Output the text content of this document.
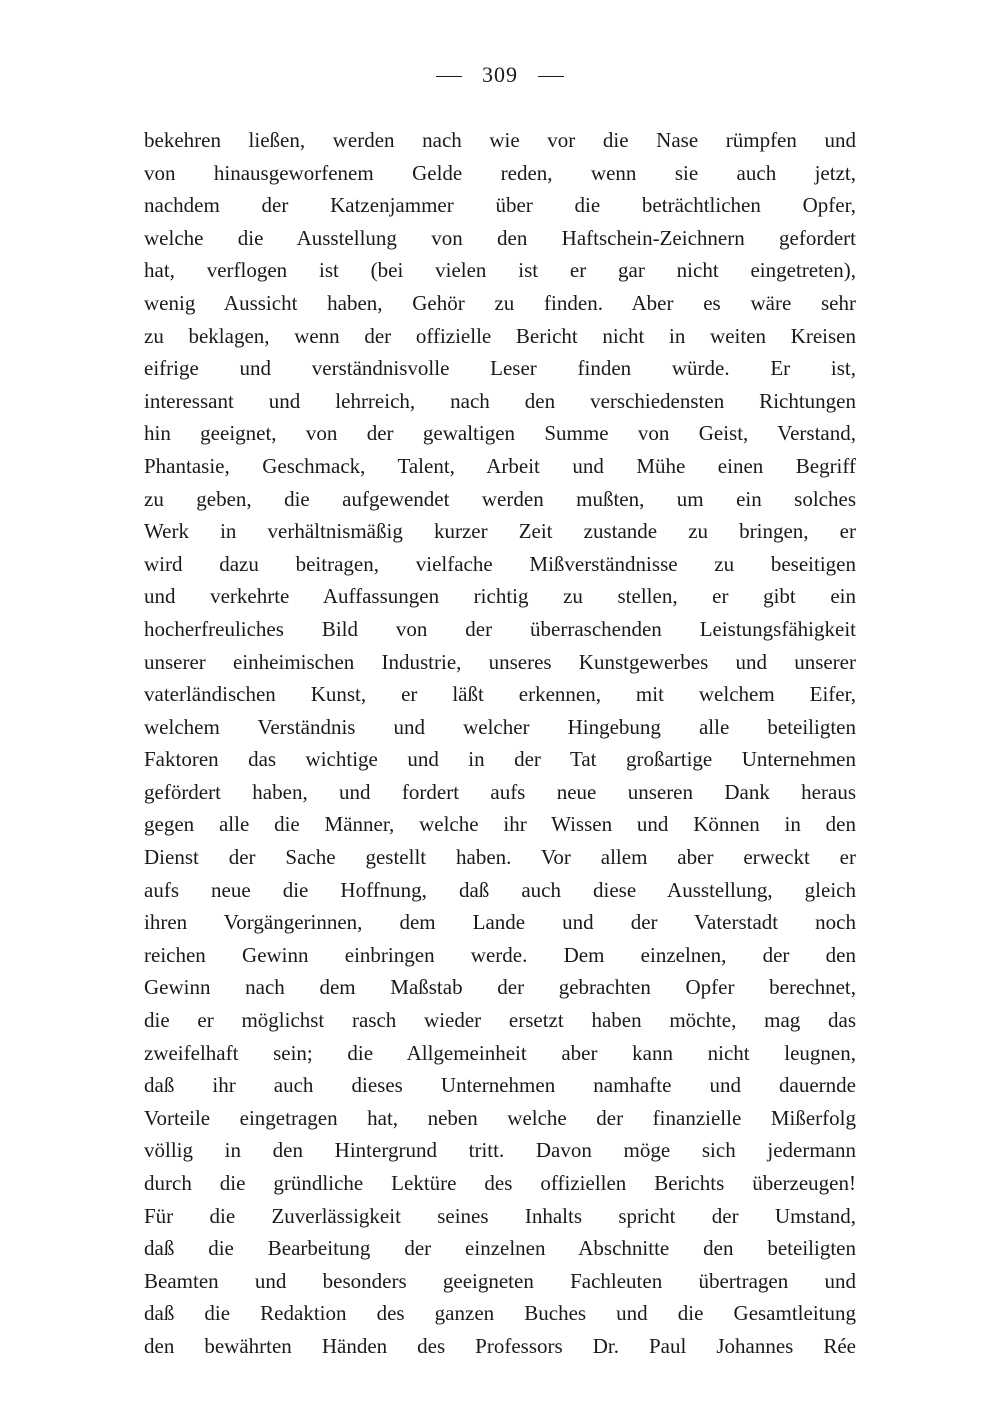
309
bekehren ließen, werden nach wie vor die Nase rümpfen und
von hinausgeworfenem Gelde reden, wenn sie auch jetzt,
nachdem der Katzenjammer über die beträchtlichen Opfer,
welche die Ausstellung von den Haftschein-Zeichnern gefordert
hat, verflogen ist (bei vielen ist er gar nicht eingetreten),
wenig Aussicht haben, Gehör zu finden. Aber es wäre sehr
zu beklagen, wenn der offizielle Bericht nicht in weiten Kreisen
eifrige und verständnisvolle Leser finden würde. Er ist,
interessant und lehrreich, nach den verschiedensten Richtungen
hin geeignet, von der gewaltigen Summe von Geist, Verstand,
Phantasie, Geschmack, Talent, Arbeit und Mühe einen Begriff
zu geben, die aufgewendet werden mußten, um ein solches
Werk in verhältnismäßig kurzer Zeit zustande zu bringen, er
wird dazu beitragen, vielfache Mißverständnisse zu beseitigen
und verkehrte Auffassungen richtig zu stellen, er gibt ein
hocherfreuliches Bild von der überraschenden Leistungsfähigkeit
unserer einheimischen Industrie, unseres Kunstgewerbes und unserer
vaterländischen Kunst, er läßt erkennen, mit welchem Eifer,
welchem Verständnis und welcher Hingebung alle beteiligten
Faktoren das wichtige und in der Tat großartige Unternehmen
gefördert haben, und fordert aufs neue unseren Dank heraus
gegen alle die Männer, welche ihr Wissen und Können in den
Dienst der Sache gestellt haben. Vor allem aber erweckt er
aufs neue die Hoffnung, daß auch diese Ausstellung, gleich
ihren Vorgängerinnen, dem Lande und der Vaterstadt noch
reichen Gewinn einbringen werde. Dem einzelnen, der den
Gewinn nach dem Maßstab der gebrachten Opfer berechnet,
die er möglichst rasch wieder ersetzt haben möchte, mag das
zweifelhaft sein; die Allgemeinheit aber kann nicht leugnen,
daß ihr auch dieses Unternehmen namhafte und dauernde
Vorteile eingetragen hat, neben welche der finanzielle Mißerfolg
völlig in den Hintergrund tritt. Davon möge sich jedermann
durch die gründliche Lektüre des offiziellen Berichts überzeugen!
Für die Zuverlässigkeit seines Inhalts spricht der Umstand,
daß die Bearbeitung der einzelnen Abschnitte den beteiligten
Beamten und besonders geeigneten Fachleuten übertragen und
daß die Redaktion des ganzen Buches und die Gesamtleitung
den bewährten Händen des Professors Dr. Paul Johannes Rée
